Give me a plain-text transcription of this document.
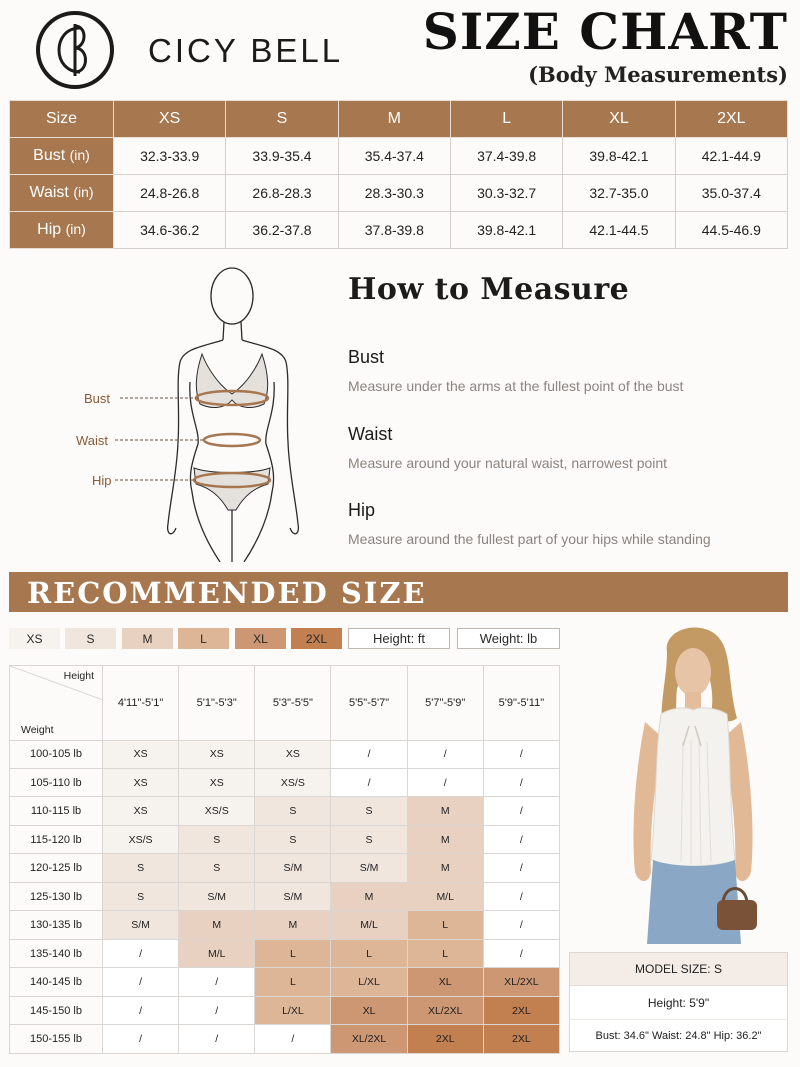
CICY BELL SIZE CHART
(Body Measurements)
Size	XS	S	M	L	XL	2XL
Bust (in)	32.3-33.9	33.9-35.4	35.4-37.4	37.4-39.8	39.8-42.1	42.1-44.9
Waist (in)	24.8-26.8	26.8-28.3	28.3-30.3	30.3-32.7	32.7-35.0	35.0-37.4
Hip (in)	34.6-36.2	36.2-37.8	37.8-39.8	39.8-42.1	42.1-44.5	44.5-46.9
Bust
Waist
Hip
How to Measure
Bust
Measure under the arms at the fullest point of the bust
Waist
Measure around your natural waist, narrowest point
Hip
Measure around the fullest part of your hips while standing
RECOMMENDED SIZE
XS	S	M	L	XL	2XL	Height: ft	Weight: lb
Height
Weight	4'11"-5'1"	5'1"-5'3"	5'3"-5'5"	5'5"-5'7"	5'7"-5'9"	5'9"-5'11"
100-105 lb	XS	XS	XS	/	/	/
105-110 lb	XS	XS	XS/S	/	/	/
110-115 lb	XS	XS/S	S	S	M	/
115-120 lb	XS/S	S	S	S	M	/
120-125 lb	S	S	S/M	S/M	M	/
125-130 lb	S	S/M	S/M	M	M/L	/
130-135 lb	S/M	M	M	M/L	L	/
135-140 lb	/	M/L	L	L	L	/
140-145 lb	/	/	L	L/XL	XL	XL/2XL
145-150 lb	/	/	L/XL	XL	XL/2XL	2XL
150-155 lb	/	/	/	XL/2XL	2XL	2XL
MODEL SIZE: S
Height: 5'9"
Bust: 34.6" Waist: 24.8" Hip: 36.2"
